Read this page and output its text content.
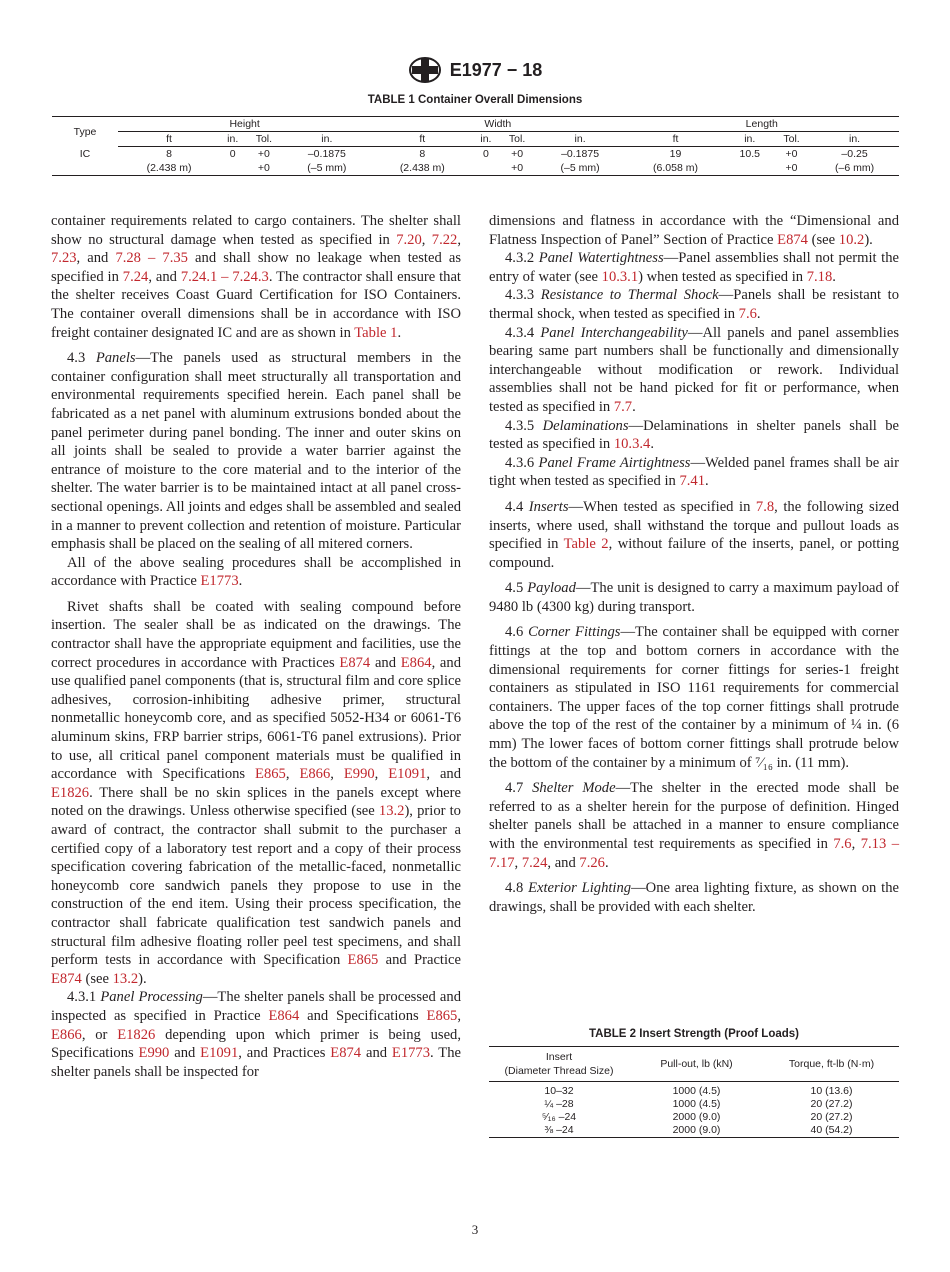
E1977 − 18
TABLE 1 Container Overall Dimensions
Type	Height				Width				Length			
	ft	in.	Tol.	in.	ft	in.	Tol.	in.	ft	in.	Tol.	in.
IC	8	0	+0	–0.1875	8	0	+0	–0.1875	19	10.5	+0	–0.25
	(2.438 m)		+0	(–5 mm)	(2.438 m)		+0	(–5 mm)	(6.058 m)		+0	(–6 mm)

container requirements related to cargo containers. The shelter shall show no structural damage when tested as specified in 7.20, 7.22, 7.23, and 7.28 – 7.35 and shall show no leakage when tested as specified in 7.24, and 7.24.1 – 7.24.3. The contractor shall ensure that the shelter receives Coast Guard Certification for ISO Containers. The container overall dimensions shall be in accordance with ISO freight container designated IC and are as shown in Table 1.

4.3 Panels—The panels used as structural members in the container configuration shall meet structurally all transportation and environmental requirements specified herein. Each panel shall be fabricated as a net panel with aluminum extrusions bonded about the panel perimeter during panel bonding. The inner and outer skins on all joints shall be sealed to provide a water barrier against the entrance of moisture to the core material and to the interior of the shelter. The water barrier is to be maintained intact at all panel cross-sectional openings. All joints and edges shall be assembled and sealed in a manner to prevent collection and retention of moisture. Particular emphasis shall be placed on the sealing of all mitered corners.

All of the above sealing procedures shall be accomplished in accordance with Practice E1773.

Rivet shafts shall be coated with sealing compound before insertion. The sealer shall be as indicated on the drawings. The contractor shall have the appropriate equipment and facilities, use the correct procedures in accordance with Practices E874 and E864, and use qualified panel components (that is, structural film and core splice adhesives, corrosion-inhibiting adhesive primer, structural nonmetallic honeycomb core, and as specified 5052-H34 or 6061-T6 aluminum skins, FRP barrier strips, 6061-T6 panel extrusions). Prior to use, all critical panel component materials must be qualified in accordance with Specifications E865, E866, E990, E1091, and E1826. There shall be no skin splices in the panels except where noted on the drawings. Unless otherwise specified (see 13.2), prior to award of contract, the contractor shall submit to the purchaser a certified copy of a laboratory test report and a copy of their process specification covering fabrication of the metallic-faced, nonmetallic honeycomb core sandwich panels they propose to use in the construction of the end item. Using their process specification, the contractor shall fabricate qualification test sandwich panels and structural film adhesive floating roller peel test specimens, and shall perform tests in accordance with Specification E865 and Practice E874 (see 13.2).

4.3.1 Panel Processing—The shelter panels shall be processed and inspected as specified in Practice E864 and Specifications E865, E866, or E1826 depending upon which primer is being used, Specifications E990 and E1091, and Practices E874 and E1773. The shelter panels shall be inspected for

dimensions and flatness in accordance with the “Dimensional and Flatness Inspection of Panel” Section of Practice E874 (see 10.2).

4.3.2 Panel Watertightness—Panel assemblies shall not permit the entry of water (see 10.3.1) when tested as specified in 7.18.

4.3.3 Resistance to Thermal Shock—Panels shall be resistant to thermal shock, when tested as specified in 7.6.

4.3.4 Panel Interchangeability—All panels and panel assemblies bearing same part numbers shall be functionally and dimensionally interchangeable without modification or rework. Individual assemblies shall not be hand picked for fit or performance, when tested as specified in 7.7.

4.3.5 Delaminations—Delaminations in shelter panels shall be tested as specified in 10.3.4.

4.3.6 Panel Frame Airtightness—Welded panel frames shall be air tight when tested as specified in 7.41.

4.4 Inserts—When tested as specified in 7.8, the following sized inserts, where used, shall withstand the torque and pullout loads as specified in Table 2, without failure of the inserts, panel, or potting compound.

4.5 Payload—The unit is designed to carry a maximum payload of 9480 lb (4300 kg) during transport.

4.6 Corner Fittings—The container shall be equipped with corner fittings at the top and bottom corners in accordance with the dimensional requirements for corner fittings for series-1 freight containers as stipulated in ISO 1161 requirements for commercial containers. The upper faces of the top corner fittings shall protrude above the top of the rest of the container by a minimum of ¼ in. (6 mm) The lower faces of bottom corner fittings shall protrude below the bottom of the container by a minimum of ⁷⁄₁₆ in. (11 mm).

4.7 Shelter Mode—The shelter in the erected mode shall be referred to as a shelter herein for the purpose of definition. Hinged shelter panels shall be attached in a manner to ensure compliance with the environmental test requirements as specified in 7.6, 7.13 – 7.17, 7.24, and 7.26.

4.8 Exterior Lighting—One area lighting fixture, as shown on the drawings, shall be provided with each shelter.

TABLE 2 Insert Strength (Proof Loads)
Insert
(Diameter Thread Size)	Pull-out, lb (kN)	Torque, ft-lb (N·m)
10–32	1000 (4.5)	10 (13.6)
¼ –28	1000 (4.5)	20 (27.2)
⁵⁄₁₆ –24	2000 (9.0)	20 (27.2)
⅜ –24	2000 (9.0)	40 (54.2)
3
